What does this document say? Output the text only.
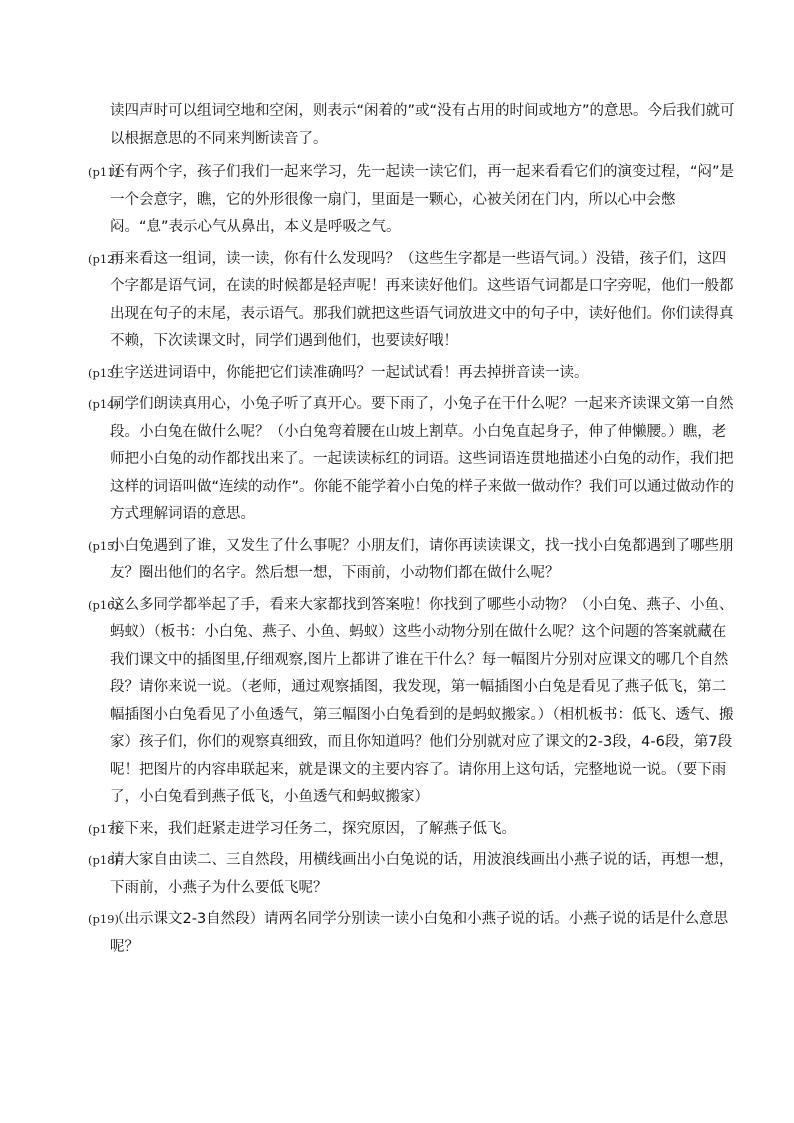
读四声时可以组词空地和空闲，则表示“闲着的”或“没有占用的时间或地方”的意思。今后我们就可以根据意思的不同来判断读音了。

(p11)
还有两个字，孩子们我们一起来学习，先一起读一读它们，再一起来看看它们的演变过程，“闷”是一个会意字，瞧，它的外形很像一扇门，里面是一颗心，心被关闭在门内，所以心中会憋闷。“息”表示心气从鼻出，本义是呼吸之气。

(p12)
再来看这一组词，读一读，你有什么发现吗？（这些生字都是一些语气词。）没错，孩子们，这四个字都是语气词，在读的时候都是轻声呢！再来读好他们。这些语气词都是口字旁呢，他们一般都出现在句子的末尾，表示语气。那我们就把这些语气词放进文中的句子中，读好他们。你们读得真不赖，下次读课文时，同学们遇到他们，也要读好哦！

(p13)
生字送进词语中，你能把它们读准确吗？一起试试看！再去掉拼音读一读。

(p14)
同学们朗读真用心，小兔子听了真开心。要下雨了，小兔子在干什么呢？一起来齐读课文第一自然段。小白兔在做什么呢？（小白兔弯着腰在山坡上割草。小白兔直起身子，伸了伸懒腰。）瞧，老师把小白兔的动作都找出来了。一起读读标红的词语。这些词语连贯地描述小白兔的动作，我们把这样的词语叫做“连续的动作”。你能不能学着小白兔的样子来做一做动作？我们可以通过做动作的方式理解词语的意思。

(p15)
小白兔遇到了谁，又发生了什么事呢？小朋友们，请你再读读课文，找一找小白兔都遇到了哪些朋友？圈出他们的名字。然后想一想，下雨前，小动物们都在做什么呢？

(p16)
这么多同学都举起了手，看来大家都找到答案啦！你找到了哪些小动物？（小白兔、燕子、小鱼、蚂蚁）（板书：小白兔、燕子、小鱼、蚂蚁）这些小动物分别在做什么呢？这个问题的答案就藏在我们课文中的插图里,仔细观察,图片上都讲了谁在干什么？每一幅图片分别对应课文的哪几个自然段？请你来说一说。（老师，通过观察插图，我发现，第一幅插图小白兔是看见了燕子低飞，第二幅插图小白兔看见了小鱼透气，第三幅图小白兔看到的是蚂蚁搬家。）（相机板书：低飞、透气、搬家）孩子们，你们的观察真细致，而且你知道吗？他们分别就对应了课文的2-3段，4-6段，第7段呢！把图片的内容串联起来，就是课文的主要内容了。请你用上这句话，完整地说一说。（要下雨了，小白兔看到燕子低飞，小鱼透气和蚂蚁搬家）

(p17)
接下来，我们赶紧走进学习任务二，探究原因，了解燕子低飞。

(p18)
请大家自由读二、三自然段，用横线画出小白兔说的话，用波浪线画出小燕子说的话，再想一想，下雨前，小燕子为什么要低飞呢？

(p19)
（出示课文2-3自然段）请两名同学分别读一读小白兔和小燕子说的话。小燕子说的话是什么意思呢？
